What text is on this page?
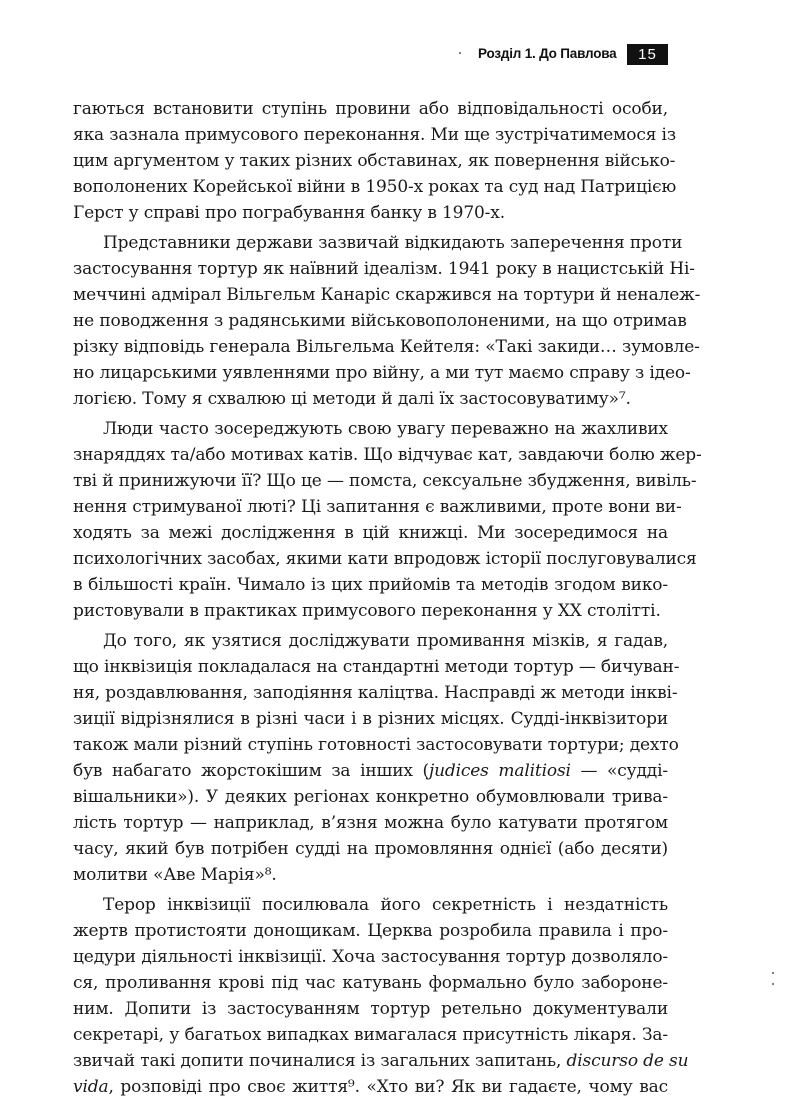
Розділ 1. До Павлова	15
гаються встановити ступінь провини або відповідальності особи,
яка зазнала примусового переконання. Ми ще зустрічатимемося із
цим аргументом у таких різних обставинах, як повернення військо-
вополонених Корейської війни в 1950-х роках та суд над Патрицією
Герст у справі про пограбування банку в 1970-х.
Представники держави зазвичай відкидають заперечення проти
застосування тортур як наївний ідеалізм. 1941 року в нацистській Ні-
меччині адмірал Вільгельм Канаріс скаржився на тортури й неналеж-
не поводження з радянськими військовополоненими, на що отримав
різку відповідь генерала Вільгельма Кейтеля: «Такі закиди… зумовле-
но лицарськими уявленнями про війну, а ми тут маємо справу з ідео-
логією. Тому я схвалюю ці методи й далі їх застосовуватиму»⁷.
Люди часто зосереджують свою увагу переважно на жахливих
знаряддях та/або мотивах катів. Що відчуває кат, завдаючи болю жер-
тві й принижуючи її? Що це — помста, сексуальне збудження, вивіль-
нення стримуваної люті? Ці запитання є важливими, проте вони ви-
ходять за межі дослідження в цій книжці. Ми зосередимося на
психологічних засобах, якими кати впродовж історії послуговувалися
в більшості країн. Чимало із цих прийомів та методів згодом вико-
ристовували в практиках примусового переконання у XX столітті.
До того, як узятися досліджувати промивання мізків, я гадав,
що інквізиція покладалася на стандартні методи тортур — бичуван-
ня, роздавлювання, заподіяння каліцтва. Насправді ж методи інкві-
зиції відрізнялися в різні часи і в різних місцях. Судді-інквізитори
також мали різний ступінь готовності застосовувати тортури; дехто
був набагато жорстокішим за інших (judices malitiosi — «судді-
вішальники»). У деяких регіонах конкретно обумовлювали трива-
лість тортур — наприклад, в’язня можна було катувати протягом
часу, який був потрібен судді на промовляння однієї (або десяти)
молитви «Аве Марія»⁸.
Терор інквізиції посилювала його секретність і нездатність
жертв протистояти донощикам. Церква розробила правила і про-
цедури діяльності інквізиції. Хоча застосування тортур дозволяло-
ся, проливання крові під час катувань формально було заборонe-
ним. Допити із застосуванням тортур ретельно документували
секретарі, у багатьох випадках вимагалася присутність лікаря. За-
звичай такі допити починалися із загальних запитань, discurso de su
vida, розповіді про своє життя⁹. «Хто ви? Як ви гадаєте, чому вас
